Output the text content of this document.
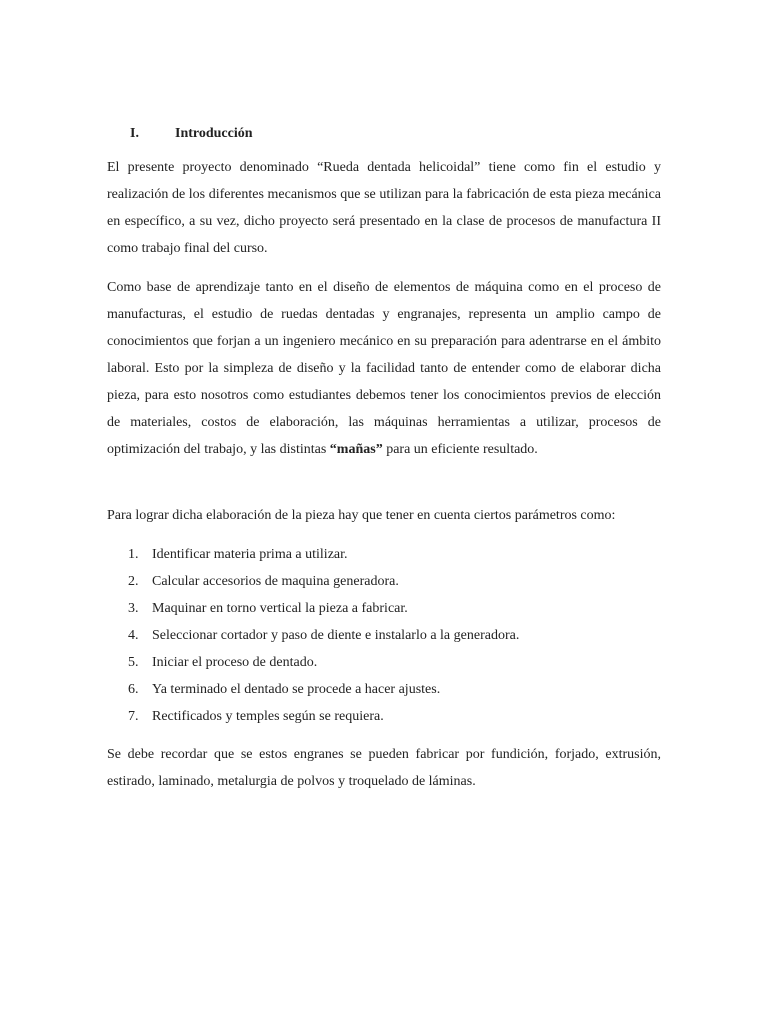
I.	Introducción

El presente proyecto denominado “Rueda dentada helicoidal” tiene como fin el estudio y realización de los diferentes mecanismos que se utilizan para la fabricación de esta pieza mecánica en específico, a su vez, dicho proyecto será presentado en la clase de procesos de manufactura II como trabajo final del curso.

Como base de aprendizaje tanto en el diseño de elementos de máquina como en el proceso de manufacturas, el estudio de ruedas dentadas y engranajes, representa un amplio campo de conocimientos que forjan a un ingeniero mecánico en su preparación para adentrarse en el ámbito laboral. Esto por la simpleza de diseño y la facilidad tanto de entender como de elaborar dicha pieza, para esto nosotros como estudiantes debemos tener los conocimientos previos de elección de materiales, costos de elaboración, las máquinas herramientas a utilizar, procesos de optimización del trabajo, y las distintas “mañas” para un eficiente resultado.

Para lograr dicha elaboración de la pieza hay que tener en cuenta ciertos parámetros como:

1. Identificar materia prima a utilizar.
2. Calcular accesorios de maquina generadora.
3. Maquinar en torno vertical la pieza a fabricar.
4. Seleccionar cortador y paso de diente e instalarlo a la generadora.
5. Iniciar el proceso de dentado.
6. Ya terminado el dentado se procede a hacer ajustes.
7. Rectificados y temples según se requiera.

Se debe recordar que se estos engranes se pueden fabricar por fundición, forjado, extrusión, estirado, laminado, metalurgia de polvos y troquelado de láminas.
